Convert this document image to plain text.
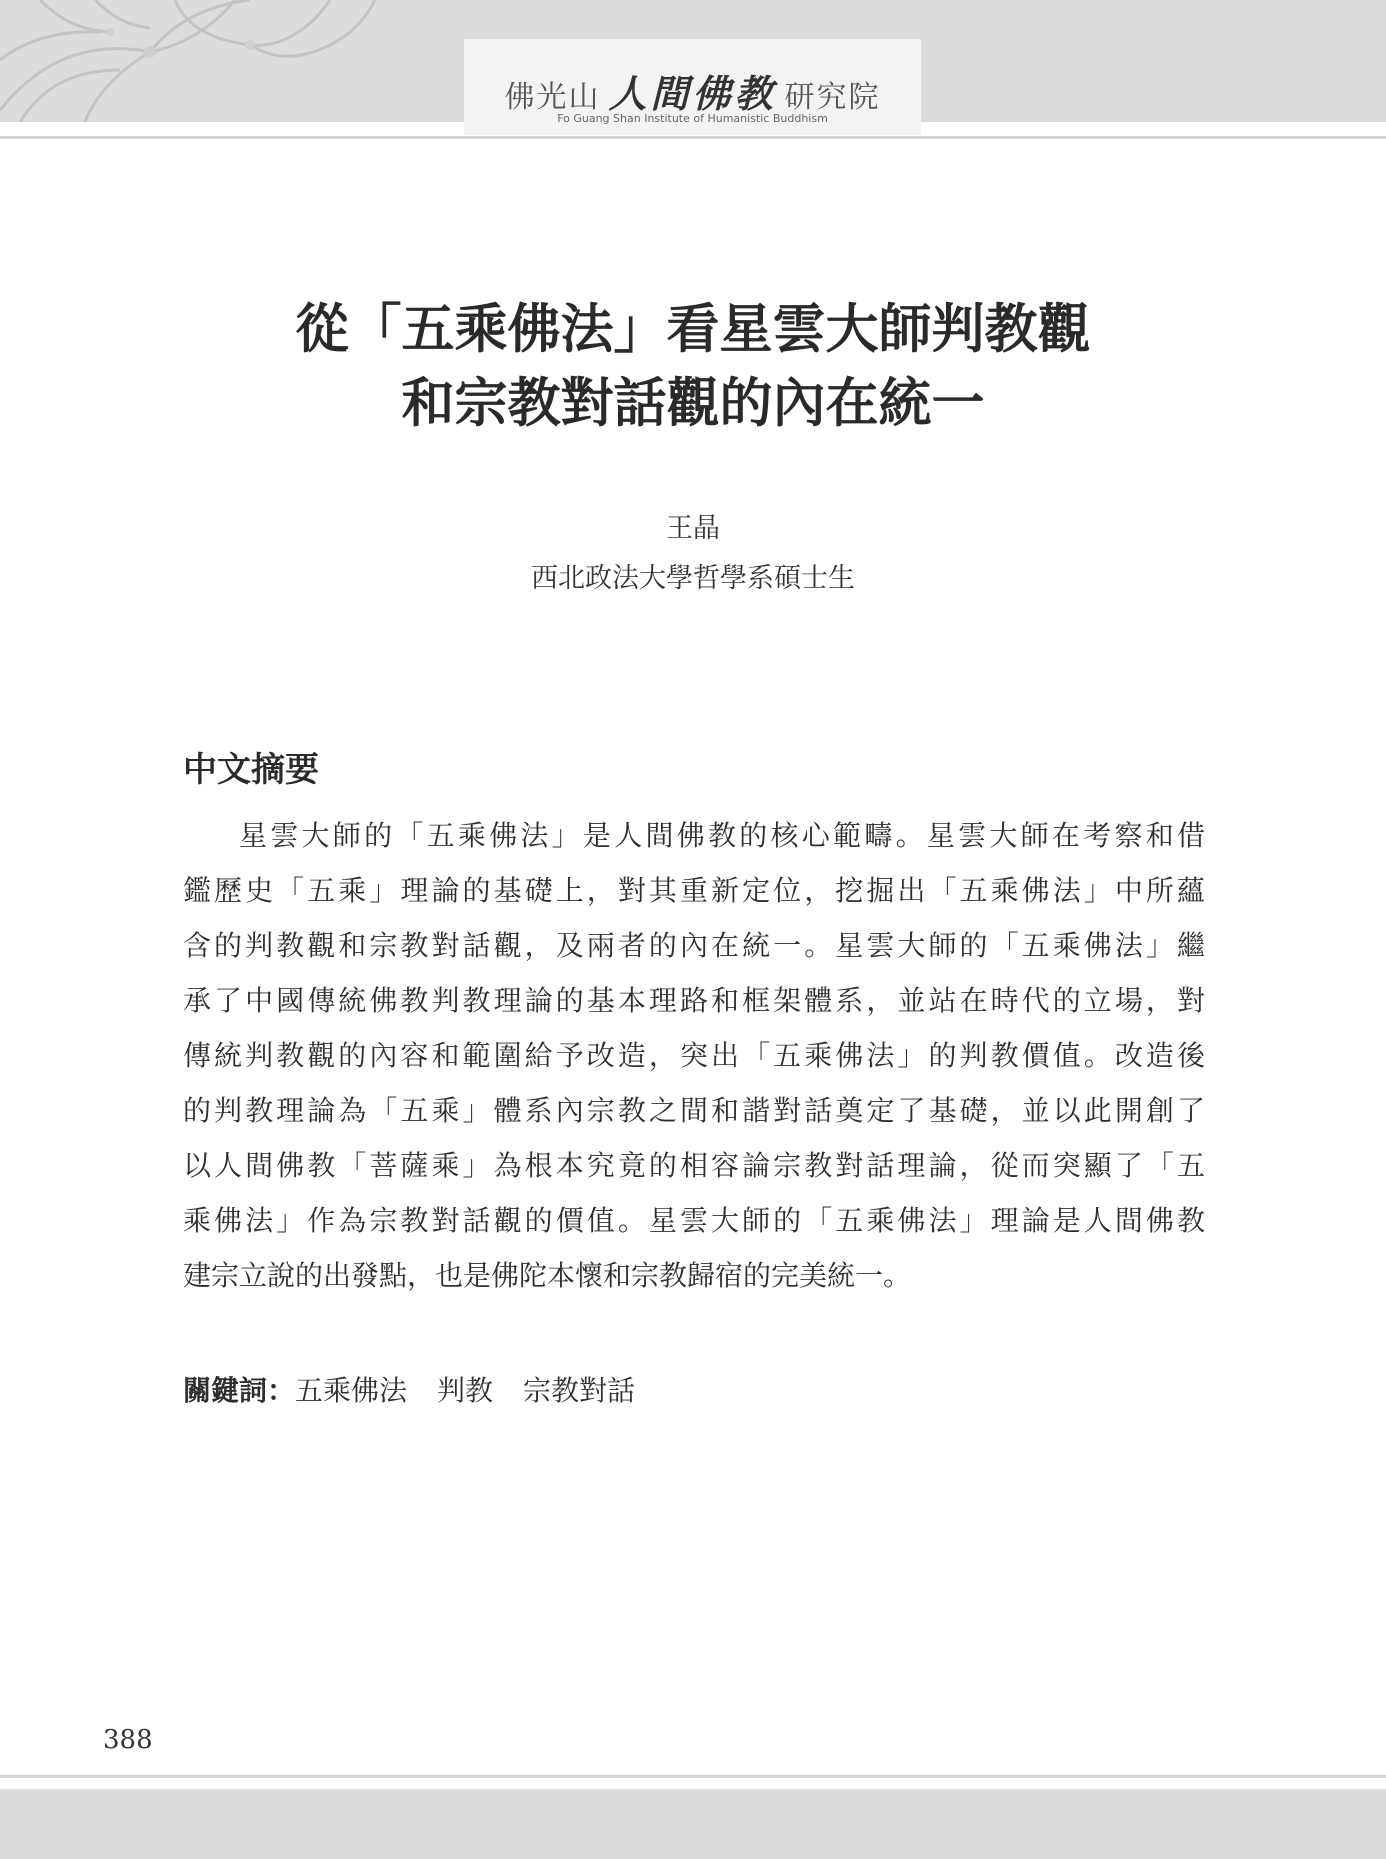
佛光山 人間佛教 研究院
Fo Guang Shan Institute of Humanistic Buddhism
從「五乘佛法」看星雲大師判教觀
和宗教對話觀的內在統一
王晶
西北政法大學哲學系碩士生
中文摘要
星雲大師的「五乘佛法」是人間佛教的核心範疇。星雲大師在考察和借
鑑歷史「五乘」理論的基礎上，對其重新定位，挖掘出「五乘佛法」中所蘊
含的判教觀和宗教對話觀，及兩者的內在統一。星雲大師的「五乘佛法」繼
承了中國傳統佛教判教理論的基本理路和框架體系，並站在時代的立場，對
傳統判教觀的內容和範圍給予改造，突出「五乘佛法」的判教價值。改造後
的判教理論為「五乘」體系內宗教之間和諧對話奠定了基礎，並以此開創了
以人間佛教「菩薩乘」為根本究竟的相容論宗教對話理論，從而突顯了「五
乘佛法」作為宗教對話觀的價值。星雲大師的「五乘佛法」理論是人間佛教
建宗立說的出發點，也是佛陀本懷和宗教歸宿的完美統一。
關鍵詞：五乘佛法 判教 宗教對話
388
